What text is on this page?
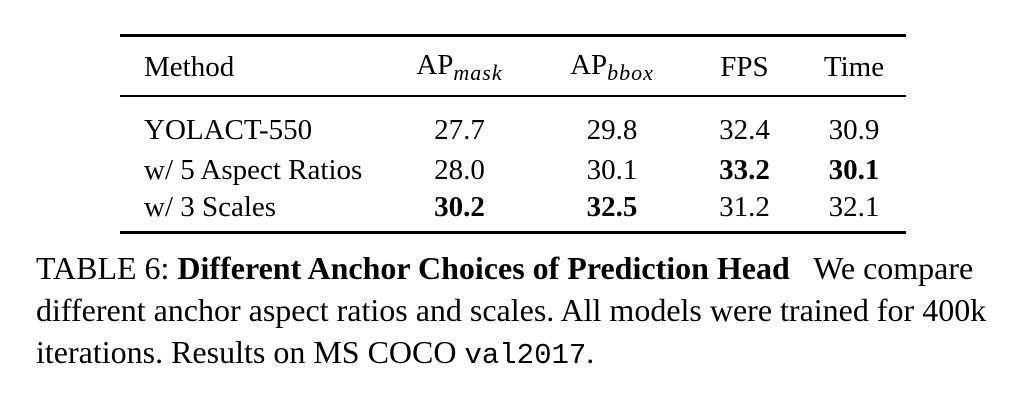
Method	$AP_{mask}$	$AP_{bbox}$	FPS	Time
YOLACT-550	27.7	29.8	32.4	30.9
w/ 5 Aspect Ratios	28.0	30.1	33.2	30.1
w/ 3 Scales	30.2	32.5	31.2	32.1
TABLE 6: Different Anchor Choices of Prediction Head We compare different anchor aspect ratios and scales. All models were trained for 400k iterations. Results on MS COCO val2017.
